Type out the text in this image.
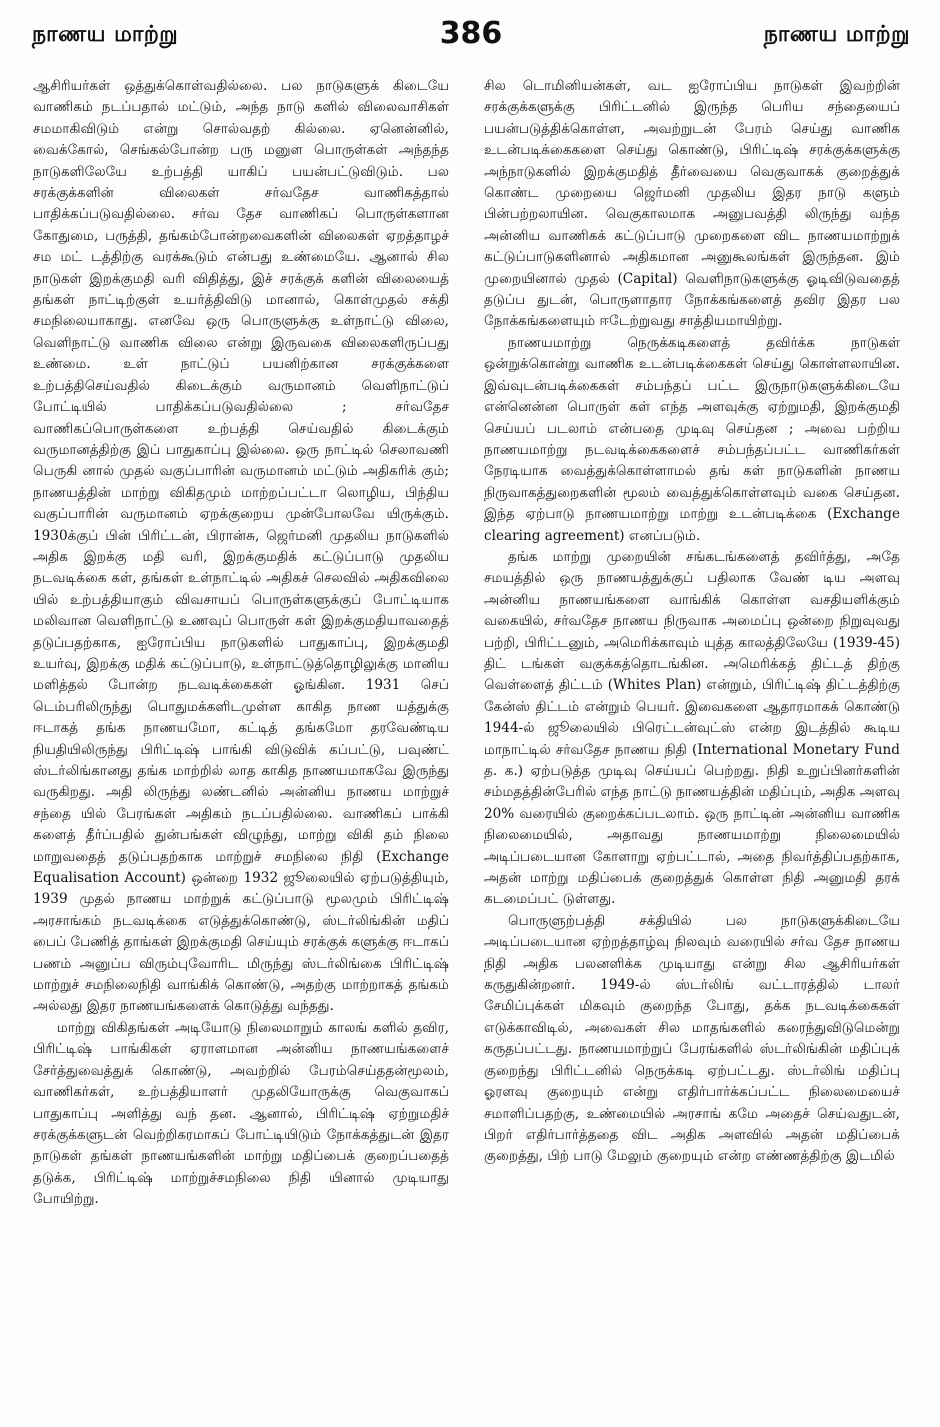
நாணய மாற்று	386	நாணய மாற்று

ஆசிரியர்கள் ஒத்துக்கொள்வதில்லை. பல நாடுகளுக் கிடையே வாணிகம் நடப்பதால் மட்டும், அந்த நாடு களில் விலைவாசிகள் சமமாகிவிடும் என்று சொல்வதற் கில்லை. ஏனென்னில், வைக்கோல், செங்கல்போன்ற பரு மனுள பொருள்கள் அந்தந்த நாடுகளிலேயே உற்பத்தி யாகிப் பயன்பட்டுவிடும். பல சரக்குக்களின் விலைகள் சர்வதேச வாணிகத்தால் பாதிக்கப்படுவதில்லை. சர்வ தேச வாணிகப் பொருள்களான கோதுமை, பருத்தி, தங்கம்போன்றவைகளின் விலைகள் ஏறத்தாழச் சம மட் டத்திற்கு வரக்கூடும் என்பது உண்மையே. ஆனால் சில நாடுகள் இறக்குமதி வரி விதித்து, இச் சரக்குக் களின் விலையைத் தங்கள் நாட்டிற்குள் உயர்த்திவிடு மானால், கொள்முதல் சக்தி சமநிலையாகாது. எனவே ஒரு பொருளுக்கு உள்நாட்டு விலை, வெளிநாட்டு வாணிக விலை என்று இருவகை விலைகளிருப்பது உண்மை. உள் நாட்டுப் பயனிற்கான சரக்குக்களை உற்பத்திசெய்வதில் கிடைக்கும் வருமானம் வெளிநாட்டுப் போட்டியில் பாதிக்கப்படுவதில்லை ; சர்வதேச வாணிகப்பொருள்களை உற்பத்தி செய்வதில் கிடைக்கும் வருமானத்திற்கு இப் பாதுகாப்பு இல்லை. ஒரு நாட்டில் செலாவணி பெருகி னால் முதல் வகுப்பாரின் வருமானம் மட்டும் அதிகரிக் கும்; நாணயத்தின் மாற்று விகிதமும் மாற்றப்பட்டா லொழிய, பிந்திய வகுப்பாரின் வருமானம் ஏறக்குறைய முன்போலவே யிருக்கும். 1930க்குப் பின் பிரிட்டன், பிரான்சு, ஜெர்மனி முதலிய நாடுகளில் அதிக இறக்கு மதி வரி, இறக்குமதிக் கட்டுப்பாடு முதலிய நடவடிக்கை கள், தங்கள் உள்நாட்டில் அதிகச் செலவில் அதிகவிலை யில் உற்பத்தியாகும் விவசாயப் பொருள்களுக்குப் போட்டியாக மலிவான வெளிநாட்டு உணவுப் பொருள் கள் இறக்குமதியாவதைத் தடுப்பதற்காக, ஐரோப்பிய நாடுகளில் பாதுகாப்பு, இறக்குமதி உயர்வு, இறக்கு மதிக் கட்டுப்பாடு, உள்நாட்டுத்தொழிலுக்கு மானிய மளித்தல் போன்ற நடவடிக்கைகள் ஓங்கின. 1931 செப் டெம்பரிலிருந்து பொதுமக்களிடமுள்ள காகித நாண யத்துக்கு ஈடாகத் தங்க நாணயமோ, கட்டித் தங்கமோ தரவேண்டிய நியதியிலிருந்து பிரிட்டிஷ் பாங்கி விடுவிக் கப்பட்டு, பவுண்ட் ஸ்டர்லிங்கானது தங்க மாற்றில் லாத காகித நாணயமாகவே இருந்து வருகிறது. அதி லிருந்து லண்டனில் அன்னிய நாணய மாற்றுச் சந்தை யில் பேரங்கள் அதிகம் நடப்பதில்லை. வாணிகப் பாக்கி களைத் தீர்ப்பதில் துன்பங்கள் விழுந்து, மாற்று விகி தம் நிலை மாறுவதைத் தடுப்பதற்காக மாற்றுச் சமநிலை நிதி (Exchange Equalisation Account) ஒன்றை 1932 ஜூலையில் ஏற்படுத்தியும், 1939 முதல் நாணய மாற்றுக் கட்டுப்பாடு மூலமும் பிரிட்டிஷ் அரசாங்கம் நடவடிக்கை எடுத்துக்கொண்டு, ஸ்டர்லிங்கின் மதிப் பைப் பேணித் தாங்கள் இறக்குமதி செய்யும் சரக்குக் களுக்கு ஈடாகப் பணம் அனுப்ப விரும்புவோரிட மிருந்து ஸ்டர்லிங்கை பிரிட்டிஷ் மாற்றுச் சமநிலைநிதி வாங்கிக் கொண்டு, அதற்கு மாற்றாகத் தங்கம் அல்லது இதர நாணயங்களைக் கொடுத்து வந்தது.

மாற்று விகிதங்கள் அடியோடு நிலைமாறும் காலங் களில் தவிர, பிரிட்டிஷ் பாங்கிகள் ஏராளமான அன்னிய நாணயங்களைச் சேர்த்துவைத்துக் கொண்டு, அவற்றில் பேரம்செய்ததன்மூலம், வாணிகர்கள், உற்பத்தியாளர் முதலியோருக்கு வெகுவாகப் பாதுகாப்பு அளித்து வந் தன. ஆனால், பிரிட்டிஷ் ஏற்றுமதிச் சரக்குக்களுடன் வெற்றிகரமாகப் போட்டியிடும் நோக்கத்துடன் இதர நாடுகள் தங்கள் நாணயங்களின் மாற்று மதிப்பைக் குறைப்பதைத் தடுக்க, பிரிட்டிஷ் மாற்றுச்சமநிலை நிதி யினால் முடியாது போயிற்று.

சில டொமினியன்கள், வட ஐரோப்பிய நாடுகள் இவற்றின் சரக்குக்களுக்கு பிரிட்டனில் இருந்த பெரிய சந்தையைப் பயன்படுத்திக்கொள்ள, அவற்றுடன் பேரம் செய்து வாணிக உடன்படிக்கைகளை செய்து கொண்டு, பிரிட்டிஷ் சரக்குக்களுக்கு அந்நாடுகளில் இறக்குமதித் தீர்வையை வெகுவாகக் குறைத்துக் கொண்ட முறையை ஜெர்மனி முதலிய இதர நாடு களும் பின்பற்றலாயின. வெகுகாலமாக அனுபவத்தி லிருந்து வந்த அன்னிய வாணிகக் கட்டுப்பாடு முறைகளை விட நாணயமாற்றுக் கட்டுப்பாடுகளினால் அதிகமான அனுகூலங்கள் இருந்தன. இம் முறையினால் முதல் (Capital) வெளிநாடுகளுக்கு ஓடிவிடுவதைத் தடுப்ப துடன், பொருளாதார நோக்கங்களைத் தவிர இதர பல நோக்கங்களையும் ஈடேற்றுவது சாத்தியமாயிற்று.

நாணயமாற்று நெருக்கடிகளைத் தவிர்க்க நாடுகள் ஒன்றுக்கொன்று வாணிக உடன்படிக்கைகள் செய்து கொள்ளலாயின. இவ்வுடன்படிக்கைகள் சம்பந்தப் பட்ட இருநாடுகளுக்கிடையே என்னென்ன பொருள் கள் எந்த அளவுக்கு ஏற்றுமதி, இறக்குமதி செய்யப் படலாம் என்பதை முடிவு செய்தன ; அவை பற்றிய நாணயமாற்று நடவடிக்கைகளைச் சம்பந்தப்பட்ட வாணிகர்கள் நேரடியாக வைத்துக்கொள்ளாமல் தங் கள் நாடுகளின் நாணய நிருவாகத்துறைகளின் மூலம் வைத்துக்கொள்ளவும் வகை செய்தன. இந்த ஏற்பாடு நாணயமாற்று மாற்று உடன்படிக்கை (Exchange clearing agreement) எனப்படும்.

தங்க மாற்று முறையின் சங்கடங்களைத் தவிர்த்து, அதே சமயத்தில் ஒரு நாணயத்துக்குப் பதிலாக வேண் டிய அளவு அன்னிய நாணயங்களை வாங்கிக் கொள்ள வசதியளிக்கும் வகையில், சர்வதேச நாணய நிருவாக அமைப்பு ஒன்றை நிறுவுவது பற்றி, பிரிட்டனும், அமெரிக்காவும் யுத்த காலத்திலேயே (1939-45) திட் டங்கள் வகுக்கத்தொடங்கின. அமெரிக்கத் திட்டத் திற்கு வெள்ளைத் திட்டம் (Whites Plan) என்றும், பிரிட்டிஷ் திட்டத்திற்கு கேன்ஸ் திட்டம் என்றும் பெயர். இவைகளை ஆதாரமாகக் கொண்டு 1944-ல் ஜூலையில் பிரெட்டன்வுட்ஸ் என்ற இடத்தில் கூடிய மாநாட்டில் சர்வதேச நாணய நிதி (International Monetary Fund த. க.) ஏற்படுத்த முடிவு செய்யப் பெற்றது. நிதி உறுப்பினர்களின் சம்மதத்தின்பேரில் எந்த நாட்டு நாணயத்தின் மதிப்பும், அதிக அளவு 20% வரையில் குறைக்கப்படலாம். ஒரு நாட்டின் அன்னிய வாணிக நிலைமையில், அதாவது நாணயமாற்று நிலைமையில் அடிப்படையான கோளாறு ஏற்பட்டால், அதை நிவர்த்திப்பதற்காக, அதன் மாற்று மதிப்பைக் குறைத்துக் கொள்ள நிதி அனுமதி தரக் கடமைப்பட் டுள்ளது.

பொருளுற்பத்தி சக்தியில் பல நாடுகளுக்கிடையே அடிப்படையான ஏற்றத்தாழ்வு நிலவும் வரையில் சர்வ தேச நாணய நிதி அதிக பலனளிக்க முடியாது என்று சில ஆசிரியர்கள் கருதுகின்றனர். 1949-ல் ஸ்டர்லிங் வட்டாரத்தில் டாலர் சேமிப்புக்கள் மிகவும் குறைந்த போது, தக்க நடவடிக்கைகள் எடுக்காவிடில், அவைகள் சில மாதங்களில் கரைந்துவிடுமென்று கருதப்பட்டது. நாணயமாற்றுப் பேரங்களில் ஸ்டர்லிங்கின் மதிப்புக் குறைந்து பிரிட்டனில் நெருக்கடி ஏற்பட்டது. ஸ்டர்லிங் மதிப்பு ஓரளவு குறையும் என்று எதிர்பார்க்கப்பட்ட நிலைமையைச் சமாளிப்பதற்கு, உண்மையில் அரசாங் கமே அதைச் செய்வதுடன், பிறர் எதிர்பார்த்ததை விட அதிக அளவில் அதன் மதிப்பைக் குறைத்து, பிற் பாடு மேலும் குறையும் என்ற எண்ணத்திற்கு இடமில்
